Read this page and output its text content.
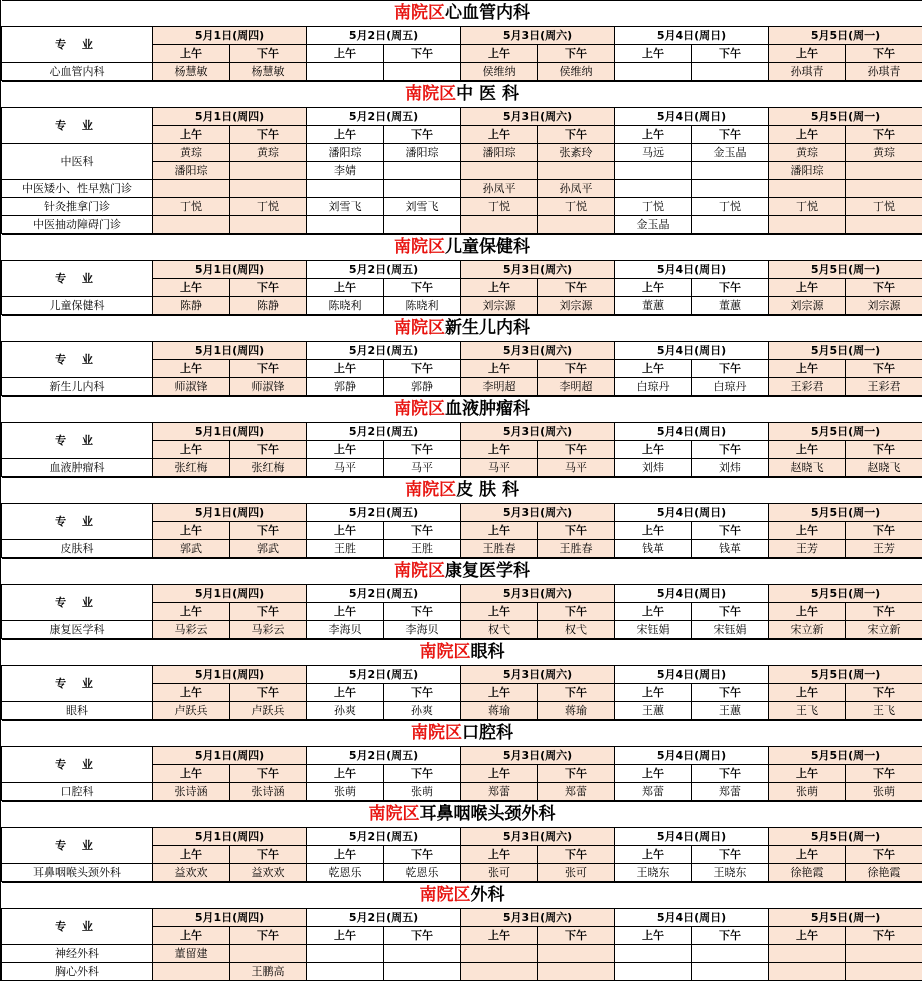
南院区心血管内科										
专 业	5月1日(周四)		5月2日(周五)		5月3日(周六)		5月4日(周日)		5月5日(周一)	
	上午	下午	上午	下午	上午	下午	上午	下午	上午	下午
心血管内科	杨慧敏	杨慧敏			侯维纳	侯维纳			孙琪青	孙琪青
南院区中 医 科										
专 业	5月1日(周四)		5月2日(周五)		5月3日(周六)		5月4日(周日)		5月5日(周一)	
	上午	下午	上午	下午	上午	下午	上午	下午	上午	下午
中医科	黄琮	黄琮	潘阳琮	潘阳琮	潘阳琮	张紊玲	马远	金玉晶	黄琮	黄琮
	潘阳琮		李婧						潘阳琮	
中医矮小、性早熟门诊					孙凤平	孙凤平				
针灸推拿门诊	丁悦	丁悦	刘雪飞	刘雪飞	丁悦	丁悦	丁悦	丁悦	丁悦	丁悦
中医抽动障碍门诊							金玉晶			
南院区儿童保健科										
专 业	5月1日(周四)		5月2日(周五)		5月3日(周六)		5月4日(周日)		5月5日(周一)	
	上午	下午	上午	下午	上午	下午	上午	下午	上午	下午
儿童保健科	陈静	陈静	陈晓利	陈晓利	刘宗源	刘宗源	董蕙	董蕙	刘宗源	刘宗源
南院区新生儿内科										
专 业	5月1日(周四)		5月2日(周五)		5月3日(周六)		5月4日(周日)		5月5日(周一)	
	上午	下午	上午	下午	上午	下午	上午	下午	上午	下午
新生儿内科	师淑锋	师淑锋	郭静	郭静	李明超	李明超	白琼丹	白琼丹	王彩君	王彩君
南院区血液肿瘤科										
专 业	5月1日(周四)		5月2日(周五)		5月3日(周六)		5月4日(周日)		5月5日(周一)	
	上午	下午	上午	下午	上午	下午	上午	下午	上午	下午
血液肿瘤科	张红梅	张红梅	马平	马平	马平	马平	刘炜	刘炜	赵晓飞	赵晓飞
南院区皮 肤 科										
专 业	5月1日(周四)		5月2日(周五)		5月3日(周六)		5月4日(周日)		5月5日(周一)	
	上午	下午	上午	下午	上午	下午	上午	下午	上午	下午
皮肤科	郭武	郭武	王胜	王胜	王胜春	王胜春	钱革	钱革	王芳	王芳
南院区康复医学科										
专 业	5月1日(周四)		5月2日(周五)		5月3日(周六)		5月4日(周日)		5月5日(周一)	
	上午	下午	上午	下午	上午	下午	上午	下午	上午	下午
康复医学科	马彩云	马彩云	李海贝	李海贝	权弋	权弋	宋钰娟	宋钰娟	宋立新	宋立新
南院区眼科										
专 业	5月1日(周四)		5月2日(周五)		5月3日(周六)		5月4日(周日)		5月5日(周一)	
	上午	下午	上午	下午	上午	下午	上午	下午	上午	下午
眼科	卢跃兵	卢跃兵	孙爽	孙爽	蒋瑜	蒋瑜	王蕙	王蕙	王飞	王飞
南院区口腔科										
专 业	5月1日(周四)		5月2日(周五)		5月3日(周六)		5月4日(周日)		5月5日(周一)	
	上午	下午	上午	下午	上午	下午	上午	下午	上午	下午
口腔科	张诗涵	张诗涵	张萌	张萌	郑蕾	郑蕾	郑蕾	郑蕾	张萌	张萌
南院区耳鼻咽喉头颈外科										
专 业	5月1日(周四)		5月2日(周五)		5月3日(周六)		5月4日(周日)		5月5日(周一)	
	上午	下午	上午	下午	上午	下午	上午	下午	上午	下午
耳鼻咽喉头颈外科	益欢欢	益欢欢	乾恩乐	乾恩乐	张可	张可	王晓东	王晓东	徐艳霞	徐艳霞
南院区外科										
专 业	5月1日(周四)		5月2日(周五)		5月3日(周六)		5月4日(周日)		5月5日(周一)	
	上午	下午	上午	下午	上午	下午	上午	下午	上午	下午
神经外科	董留建									
胸心外科		王鹏高								
